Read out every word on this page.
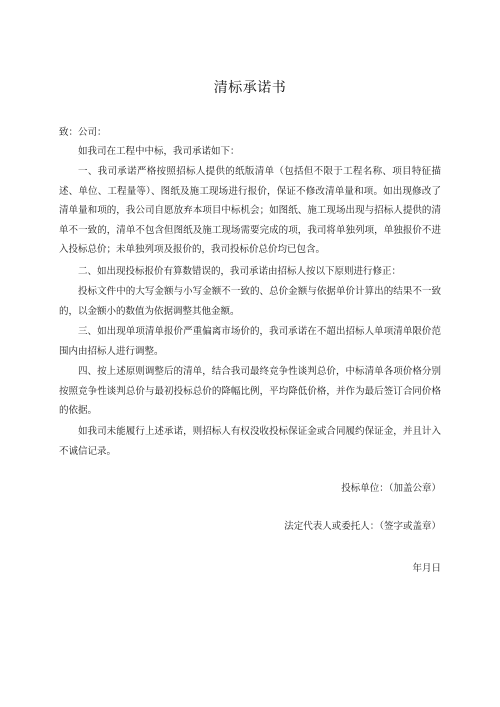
清标承诺书

致：公司：

如我司在工程中中标，我司承诺如下：

一、我司承诺严格按照招标人提供的纸版清单（包括但不限于工程名称、项目特征描述、单位、工程量等）、图纸及施工现场进行报价，保证不修改清单量和项。如出现修改了清单量和项的，我公司自愿放弃本项目中标机会；如图纸、施工现场出现与招标人提供的清单不一致的，清单不包含但图纸及施工现场需要完成的项，我司将单独列项，单独报价不进入投标总价；未单独列项及报价的，我司投标价总价均已包含。

二、如出现投标报价有算数错误的，我司承诺由招标人按以下原则进行修正：

投标文件中的大写金额与小写金额不一致的、总价金额与依据单价计算出的结果不一致的，以金额小的数值为依据调整其他金额。

三、如出现单项清单报价严重偏离市场价的，我司承诺在不超出招标人单项清单限价范围内由招标人进行调整。

四、按上述原则调整后的清单，结合我司最终竞争性谈判总价，中标清单各项价格分别按照竞争性谈判总价与最初投标总价的降幅比例，平均降低价格，并作为最后签订合同价格的依据。

如我司未能履行上述承诺，则招标人有权没收投标保证金或合同履约保证金，并且计入不诚信记录。

投标单位：（加盖公章）
法定代表人或委托人：（签字或盖章）
年月日
